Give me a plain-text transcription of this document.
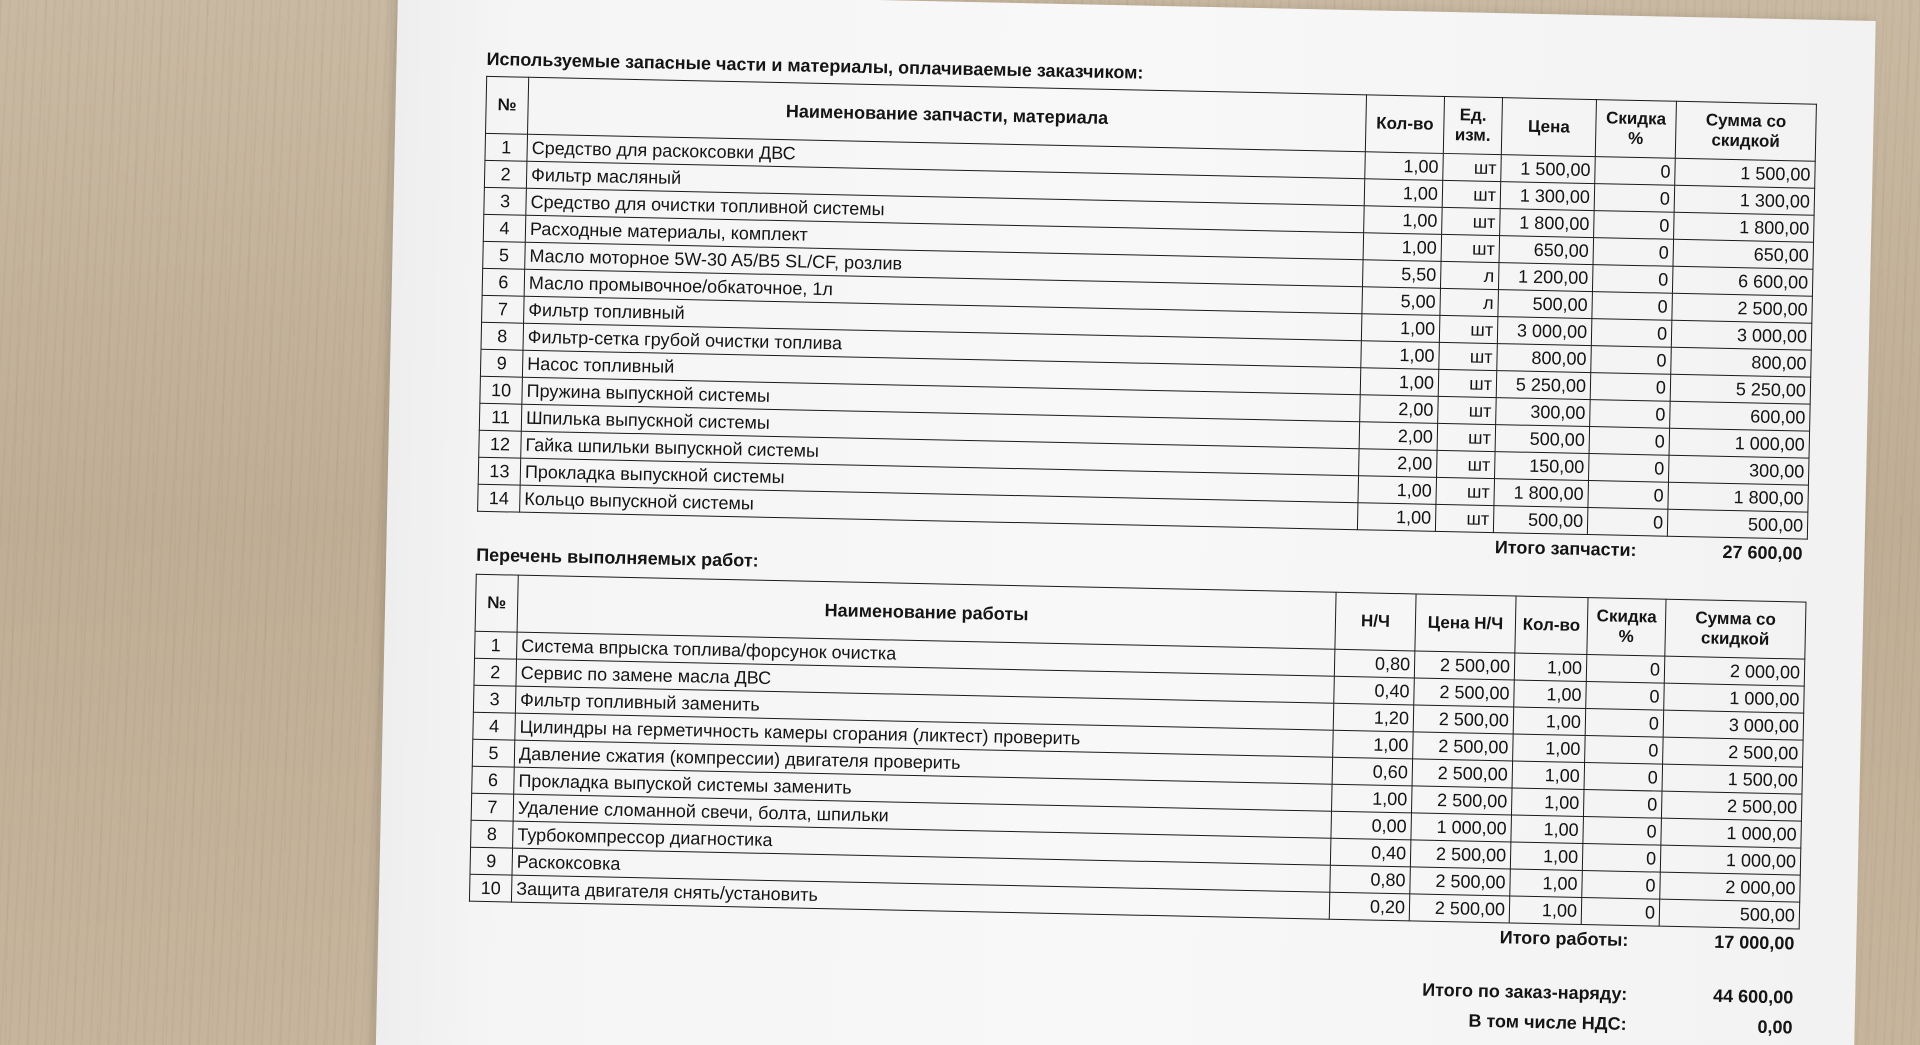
Используемые запасные части и материалы, оплачиваемые заказчиком:
№	Наименование запчасти, материала	Кол-во	Ед. изм.	Цена	Скидка %	Сумма со скидкой
1	Средство для раскоксовки ДВС	1,00	шт	1 500,00	0	1 500,00
2	Фильтр масляный	1,00	шт	1 300,00	0	1 300,00
3	Средство для очистки топливной системы	1,00	шт	1 800,00	0	1 800,00
4	Расходные материалы, комплект	1,00	шт	650,00	0	650,00
5	Масло моторное 5W-30 A5/B5 SL/CF, розлив	5,50	л	1 200,00	0	6 600,00
6	Масло промывочное/обкаточное, 1л	5,00	л	500,00	0	2 500,00
7	Фильтр топливный	1,00	шт	3 000,00	0	3 000,00
8	Фильтр-сетка грубой очистки топлива	1,00	шт	800,00	0	800,00
9	Насос топливный	1,00	шт	5 250,00	0	5 250,00
10	Пружина выпускной системы	2,00	шт	300,00	0	600,00
11	Шпилька выпускной системы	2,00	шт	500,00	0	1 000,00
12	Гайка шпильки выпускной системы	2,00	шт	150,00	0	300,00
13	Прокладка выпускной системы	1,00	шт	1 800,00	0	1 800,00
14	Кольцо выпускной системы	1,00	шт	500,00	0	500,00
Итого запчасти:	27 600,00
Перечень выполняемых работ:
№	Наименование работы	Н/Ч	Цена Н/Ч	Кол-во	Скидка %	Сумма со скидкой
1	Система впрыска топлива/форсунок очистка	0,80	2 500,00	1,00	0	2 000,00
2	Сервис по замене масла ДВС	0,40	2 500,00	1,00	0	1 000,00
3	Фильтр топливный заменить	1,20	2 500,00	1,00	0	3 000,00
4	Цилиндры на герметичность камеры сгорания (ликтест) проверить	1,00	2 500,00	1,00	0	2 500,00
5	Давление сжатия (компрессии) двигателя проверить	0,60	2 500,00	1,00	0	1 500,00
6	Прокладка выпуской системы заменить	1,00	2 500,00	1,00	0	2 500,00
7	Удаление сломанной свечи, болта, шпильки	0,00	1 000,00	1,00	0	1 000,00
8	Турбокомпрессор диагностика	0,40	2 500,00	1,00	0	1 000,00
9	Раскоксовка	0,80	2 500,00	1,00	0	2 000,00
10	Защита двигателя снять/установить	0,20	2 500,00	1,00	0	500,00
Итого работы:	17 000,00
Итого по заказ-наряду:	44 600,00
В том числе НДС:	0,00
